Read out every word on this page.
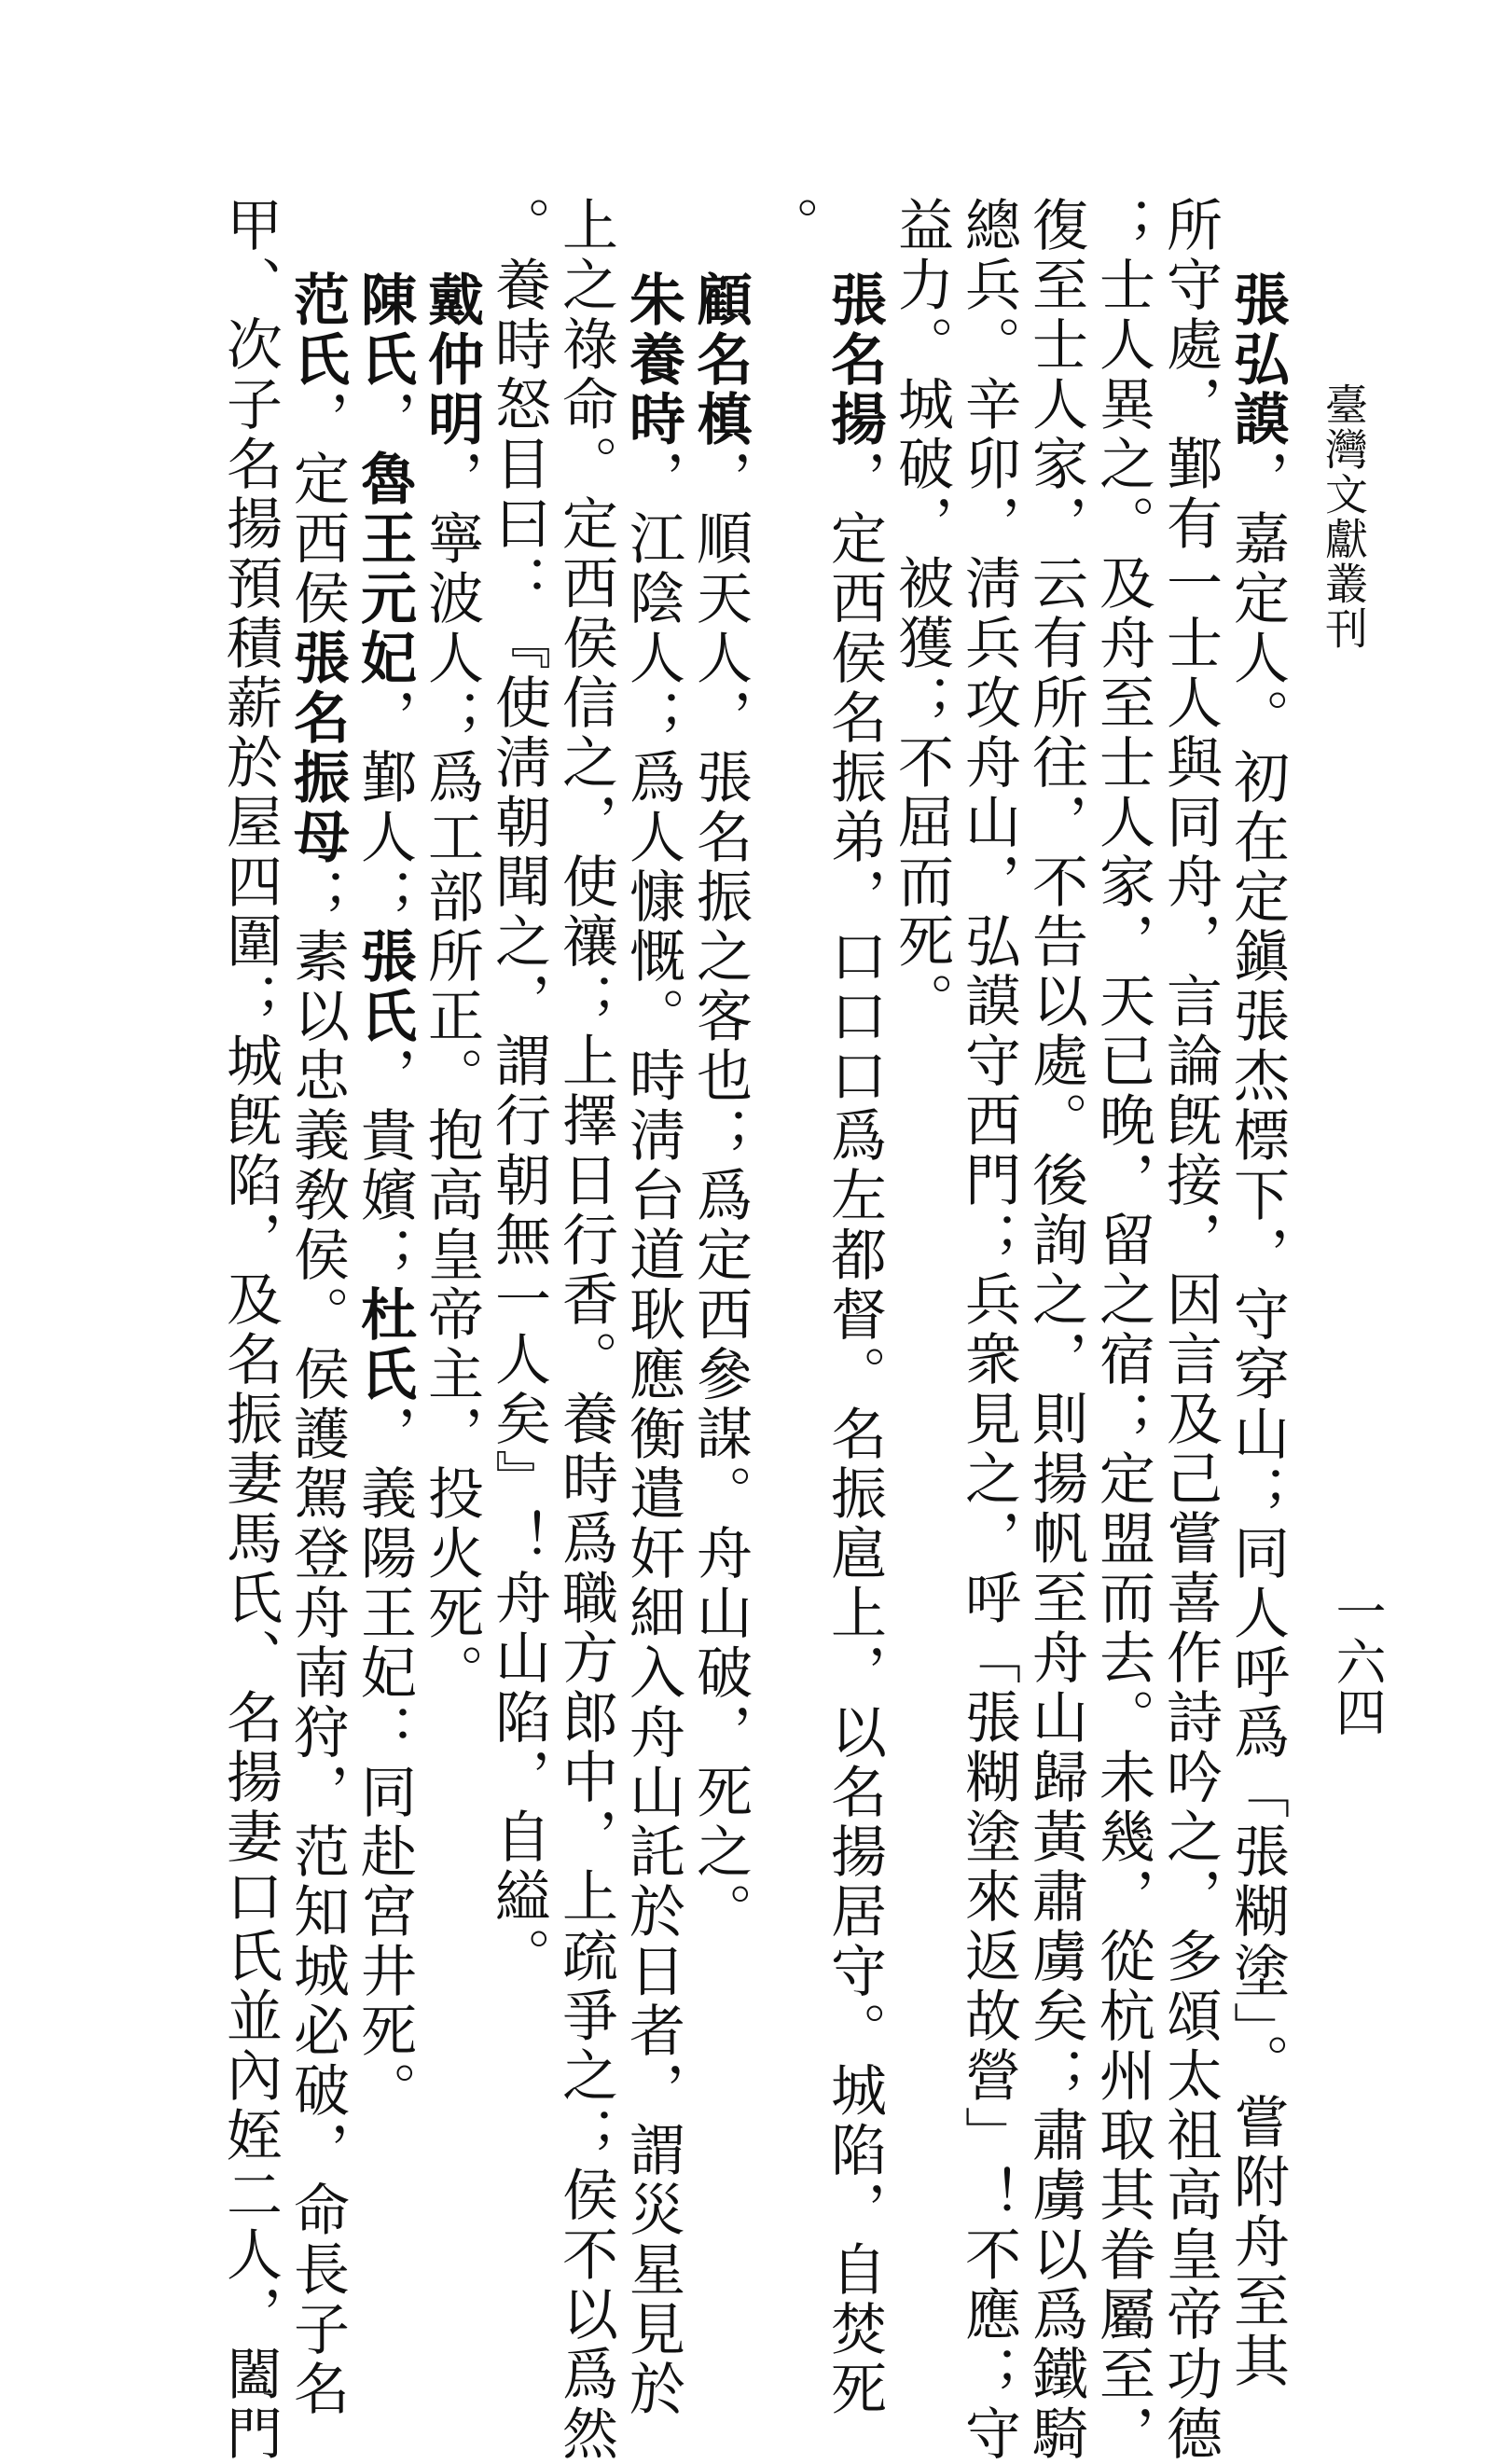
臺灣文獻叢刊
一六四
張弘謨，嘉定人。初在定鎭張杰標下，守穿山；同人呼爲「張糊塗」。嘗附舟至其
所守處，鄞有一士人與同舟，言論旣接，因言及己嘗喜作詩吟之，多頌太祖高皇帝功德
；士人異之。及舟至士人家，天已晚，留之宿；定盟而去。未幾，從杭州取其眷屬至，
復至士人家，云有所往，不告以處。後詢之，則揚帆至舟山歸黃肅虜矣；肅虜以爲鐵騎
總兵。辛卯，淸兵攻舟山，弘謨守西門；兵衆見之，呼「張糊塗來返故營」！不應；守
益力。城破，被獲；不屈而死。
張名揚，定西侯名振弟，口口口爲左都督。名振扈上，以名揚居守。城陷，自焚死
。
顧名槙，順天人，張名振之客也；爲定西參謀。舟山破，死之。
朱養時，江陰人；爲人慷慨。時淸台道耿應衡遣奸細入舟山託於日者，謂災星見於
上之祿命。定西侯信之，使禳；上擇日行香。養時爲職方郎中，上疏爭之；侯不以爲然
。養時怒目曰：『使淸朝聞之，謂行朝無一人矣』！舟山陷，自縊。
戴仲明，寧波人；爲工部所正。抱高皇帝主，投火死。
陳氏，魯王元妃，鄞人；張氏，貴嬪；杜氏，義陽王妃：同赴宮井死。
范氏，定西侯張名振母；素以忠義敎侯。侯護駕登舟南狩，范知城必破，命長子名
甲、次子名揚預積薪於屋四圍；城旣陷，及名振妻馬氏、名揚妻口氏並內姪二人，闔門
